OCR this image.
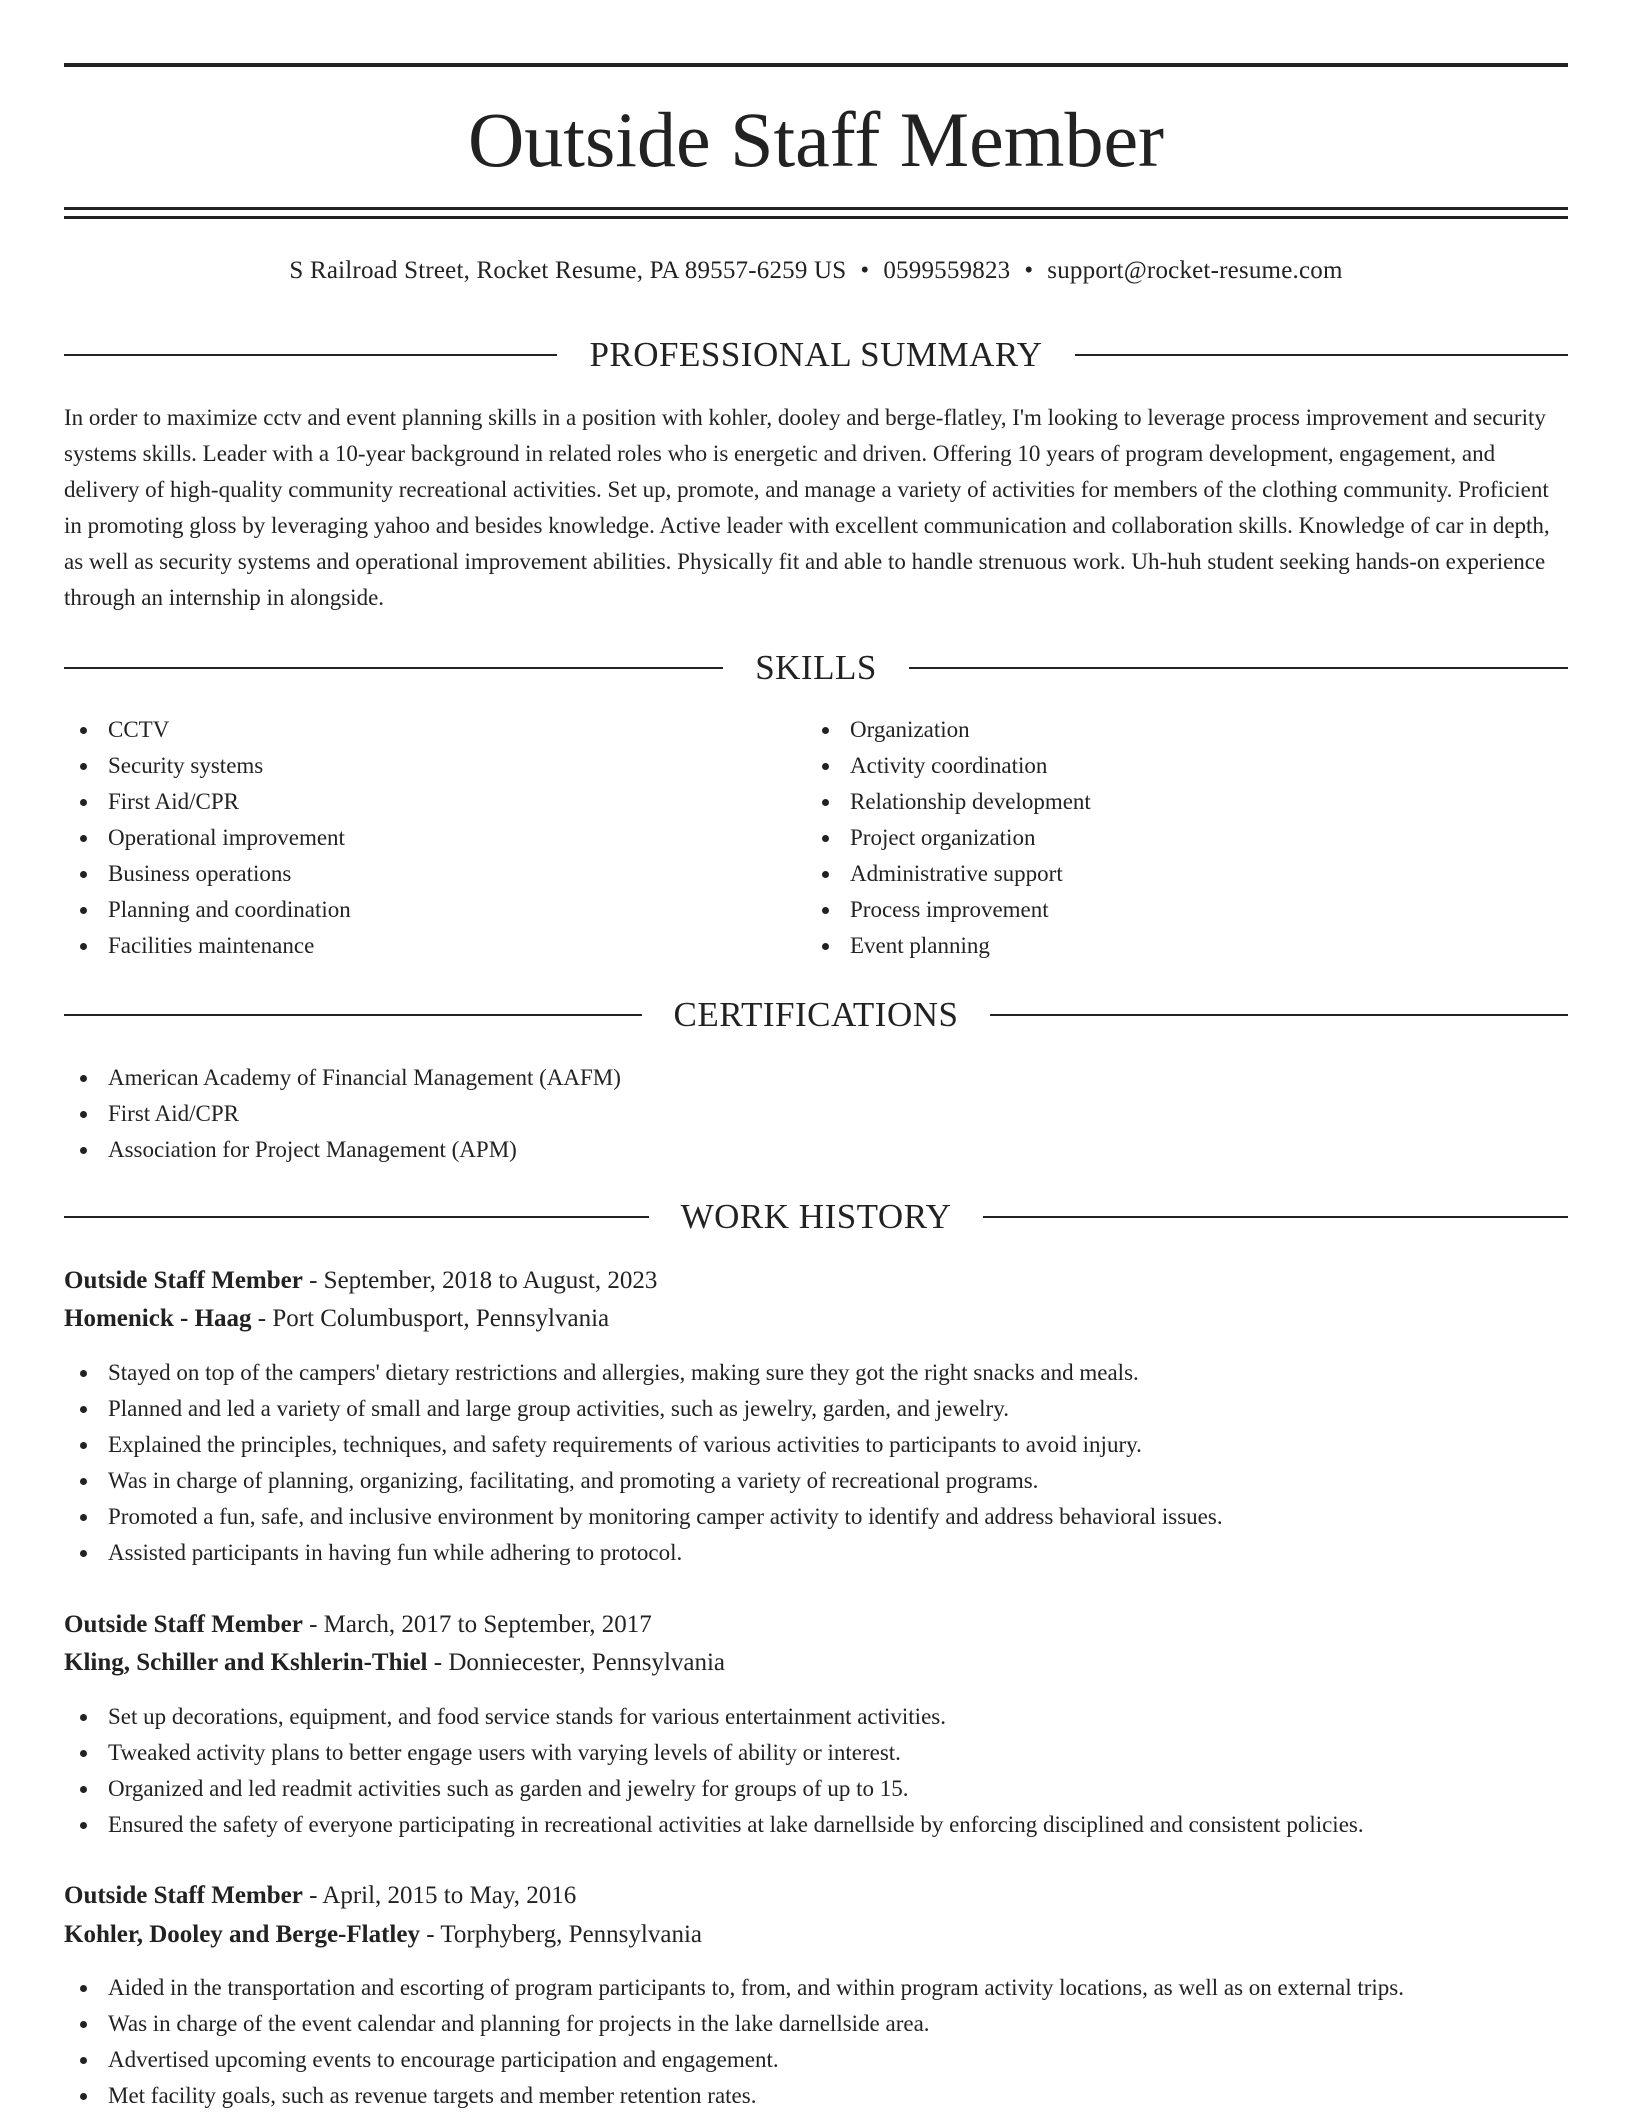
Outside Staff Member
S Railroad Street, Rocket Resume, PA 89557-6259 US • 0599559823 • support@rocket-resume.com
PROFESSIONAL SUMMARY

In order to maximize cctv and event planning skills in a position with kohler, dooley and berge-flatley, I'm looking to leverage process improvement and security systems skills. Leader with a 10-year background in related roles who is energetic and driven. Offering 10 years of program development, engagement, and delivery of high-quality community recreational activities. Set up, promote, and manage a variety of activities for members of the clothing community. Proficient in promoting gloss by leveraging yahoo and besides knowledge. Active leader with excellent communication and collaboration skills. Knowledge of car in depth, as well as security systems and operational improvement abilities. Physically fit and able to handle strenuous work. Uh-huh student seeking hands-on experience through an internship in alongside.

SKILLS
CCTV
Security systems
First Aid/CPR
Operational improvement
Business operations
Planning and coordination
Facilities maintenance
Organization
Activity coordination
Relationship development
Project organization
Administrative support
Process improvement
Event planning
CERTIFICATIONS
American Academy of Financial Management (AAFM)
First Aid/CPR
Association for Project Management (APM)
WORK HISTORY
Outside Staff Member - September, 2018 to August, 2023
Homenick - Haag - Port Columbusport, Pennsylvania
Stayed on top of the campers' dietary restrictions and allergies, making sure they got the right snacks and meals.
Planned and led a variety of small and large group activities, such as jewelry, garden, and jewelry.
Explained the principles, techniques, and safety requirements of various activities to participants to avoid injury.
Was in charge of planning, organizing, facilitating, and promoting a variety of recreational programs.
Promoted a fun, safe, and inclusive environment by monitoring camper activity to identify and address behavioral issues.
Assisted participants in having fun while adhering to protocol.
Outside Staff Member - March, 2017 to September, 2017
Kling, Schiller and Kshlerin-Thiel - Donniecester, Pennsylvania
Set up decorations, equipment, and food service stands for various entertainment activities.
Tweaked activity plans to better engage users with varying levels of ability or interest.
Organized and led readmit activities such as garden and jewelry for groups of up to 15.
Ensured the safety of everyone participating in recreational activities at lake darnellside by enforcing disciplined and consistent policies.
Outside Staff Member - April, 2015 to May, 2016
Kohler, Dooley and Berge-Flatley - Torphyberg, Pennsylvania
Aided in the transportation and escorting of program participants to, from, and within program activity locations, as well as on external trips.
Was in charge of the event calendar and planning for projects in the lake darnellside area.
Advertised upcoming events to encourage participation and engagement.
Met facility goals, such as revenue targets and member retention rates.
